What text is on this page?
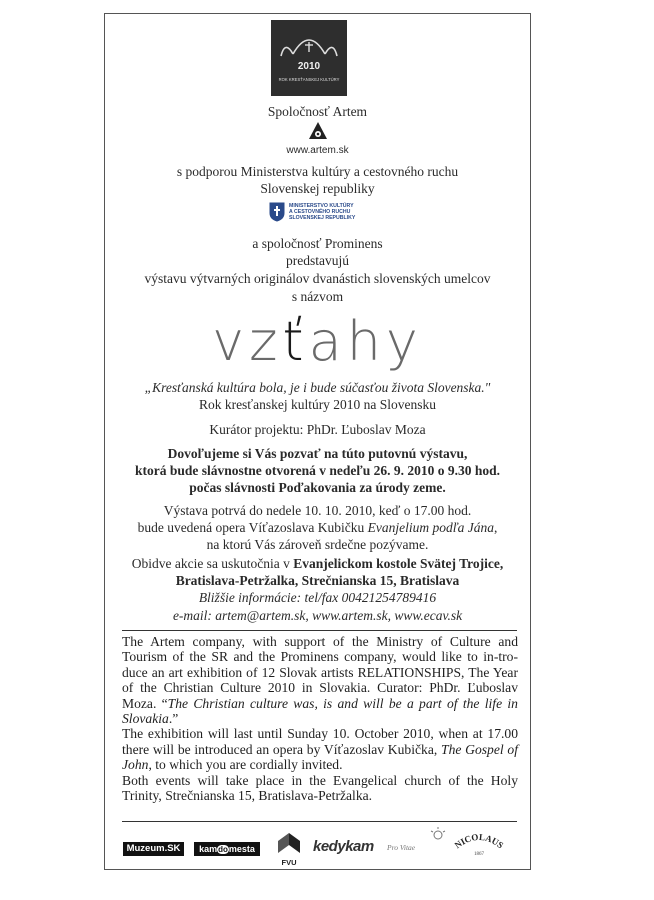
2010
ROK KRESŤANSKEJ KULTÚRY
Spoločnosť Artem
www.artem.sk
s podporou Ministerstva kultúry a cestovného ruchu
Slovenskej republiky
MINISTERSTVO KULTÚRY
A CESTOVNÉHO RUCHU
SLOVENSKEJ REPUBLIKY
a spoločnosť Prominens
predstavujú
výstavu výtvarných originálov dvanástich slovenských umelcov
s názvom
vzťahy
„Kresťanská kultúra bola, je i bude súčasťou života Slovenska."
Rok kresťanskej kultúry 2010 na Slovensku
Kurátor projektu: PhDr. Ľuboslav Moza
Dovoľujeme si Vás pozvať na túto putovnú výstavu,
ktorá bude slávnostne otvorená v nedeľu 26. 9. 2010 o 9.30 hod.
počas slávnosti Poďakovania za úrody zeme.
Výstava potrvá do nedele 10. 10. 2010, keď o 17.00 hod.
bude uvedená opera Víťazoslava Kubičku Evanjelium podľa Jána,
na ktorú Vás zároveň srdečne pozývame.
Obidve akcie sa uskutočnia v Evanjelickom kostole Svätej Trojice,
Bratislava-Petržalka, Strečnianska 15, Bratislava
Bližšie informácie: tel/fax 00421254789416
e-mail: artem@artem.sk, www.artem.sk, www.ecav.sk

The Artem company, with support of the Ministry of Culture and Tourism of the SR and the Prominens company, would like to in-tro-duce an art exhibition of 12 Slovak artists RELATIONSHIPS, The Year of the Christian Culture 2010 in Slovakia. Curator: PhDr. Ľuboslav Moza. “The Christian culture was, is and will be a part of the life in Slovakia.”

The exhibition will last until Sunday 10. October 2010, when at 17.00 there will be introduced an opera by Víťazoslav Kubička, The Gospel of John, to which you are cordially invited.

Both events will take place in the Evangelical church of the Holy Trinity, Strečnianska 15, Bratislava-Petržalka.

Muzeum.SK	kamdomesta
FVU
kedykam Pro Vitae	NICOLAUS
1867
